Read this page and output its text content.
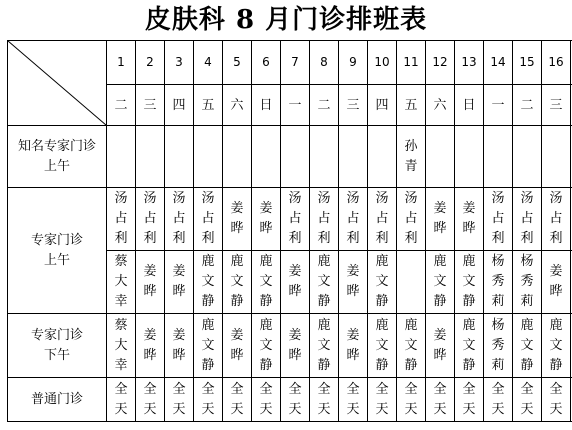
皮肤科 8 月门诊排班表
	1	2	3	4	5	6	7	8	9	10	11	12	13	14	15	16	
	二	三	四	五	六	日	一	二	三	四	五	六	日	一	二	三	

知名专家门诊
上午											孙青						

专家门诊
上午	汤占利	汤占利	汤占利	汤占利	姜晔	姜晔	汤占利	汤占利	汤占利	汤占利	汤占利	姜晔	姜晔	汤占利	汤占利	汤占利	
	蔡大幸	姜晔	姜晔	鹿文静	鹿文静	鹿文静	姜晔	鹿文静	姜晔	鹿文静		鹿文静	鹿文静	杨秀莉	杨秀莉	姜晔	

专家门诊
下午	蔡大幸	姜晔	姜晔	鹿文静	姜晔	鹿文静	姜晔	鹿文静	姜晔	鹿文静	鹿文静	姜晔	鹿文静	杨秀莉	鹿文静	鹿文静	

普通门诊	全天	全天	全天	全天	全天	全天	全天	全天	全天	全天	全天	全天	全天	全天	全天	全天	
